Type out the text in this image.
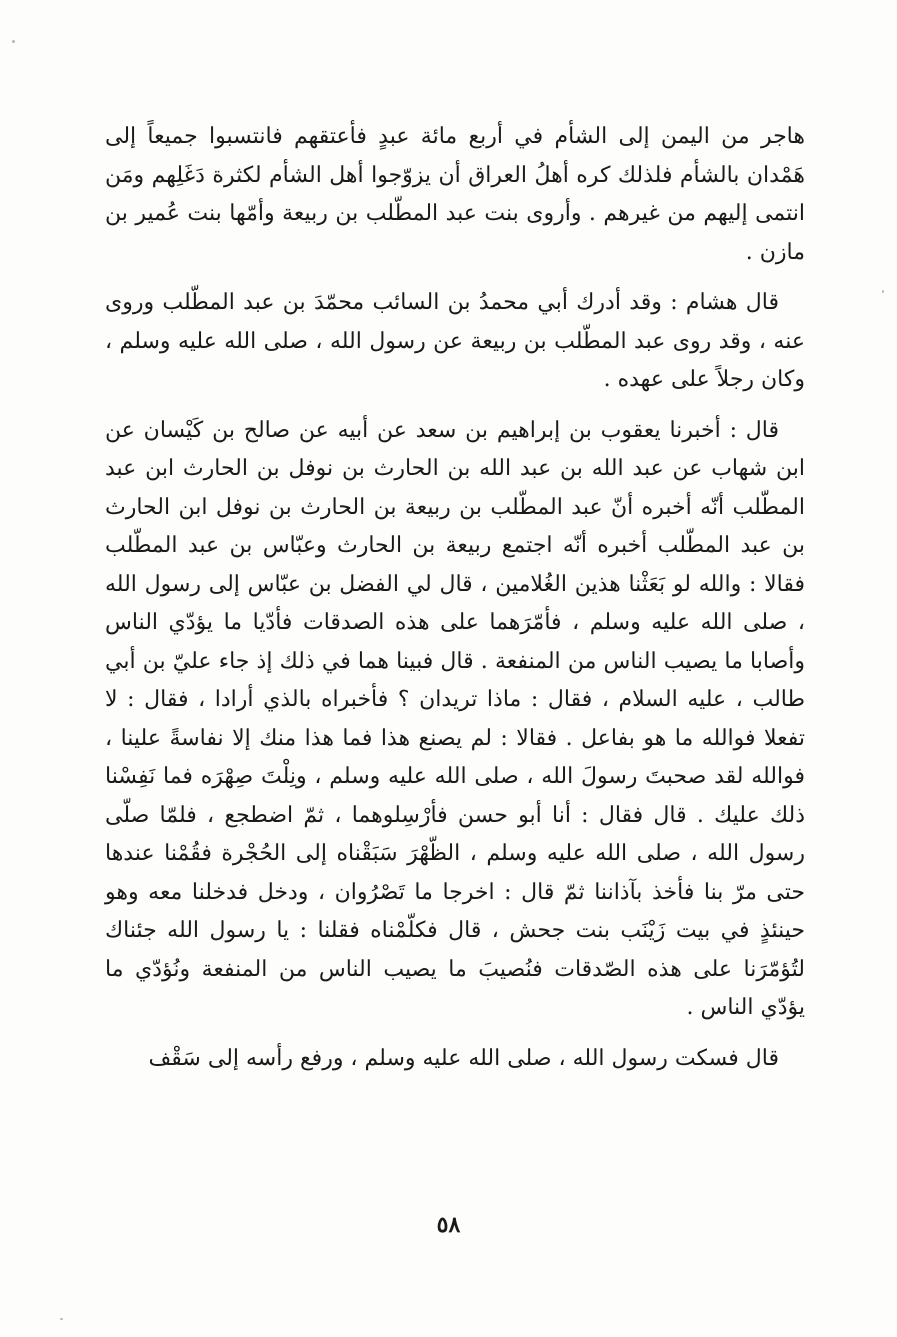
هاجر من اليمن إلى الشأم في أربع مائة عبدٍ فأعتقهم فانتسبوا جميعاً إلى هَمْدان بالشأم فلذلك كره أهلُ العراق أن يزوّجوا أهل الشأم لكثرة دَغَلِهم ومَن انتمى إليهم من غيرهم . وأروى بنت عبد المطّلب بن ربيعة وأمّها بنت عُمير بن مازن .

قال هشام : وقد أدرك أبي محمدُ بن السائب محمّدَ بن عبد المطّلب وروى عنه ، وقد روى عبد المطّلب بن ربيعة عن رسول الله ، صلى الله عليه وسلم ، وكان رجلاً على عهده .

قال : أخبرنا يعقوب بن إبراهيم بن سعد عن أبيه عن صالح بن كَيْسان عن ابن شهاب عن عبد الله بن عبد الله بن الحارث بن نوفل بن الحارث ابن عبد المطّلب أنّه أخبره أنّ عبد المطّلب بن ربيعة بن الحارث بن نوفل ابن الحارث بن عبد المطّلب أخبره أنّه اجتمع ربيعة بن الحارث وعبّاس بن عبد المطّلب فقالا : والله لو بَعَثْنا هذين الغُلامين ، قال لي الفضل بن عبّاس إلى رسول الله ، صلى الله عليه وسلم ، فأمّرَهما على هذه الصدقات فأدّيا ما يؤدّي الناس وأصابا ما يصيب الناس من المنفعة . قال فبينا هما في ذلك إذ جاء عليّ بن أبي طالب ، عليه السلام ، فقال : ماذا تريدان ؟ فأخبراه بالذي أرادا ، فقال : لا تفعلا فوالله ما هو بفاعل . فقالا : لم يصنع هذا فما هذا منك إلا نفاسةً علينا ، فوالله لقد صحبتَ رسولَ الله ، صلى الله عليه وسلم ، ونِلْتَ صِهْرَه فما نَفِسْنا ذلك عليك . قال فقال : أنا أبو حسن فأرْسِلوهما ، ثمّ اضطجع ، فلمّا صلّى رسول الله ، صلى الله عليه وسلم ، الظّهْرَ سَبَقْناه إلى الحُجْرة فقُمْنا عندها حتى مرّ بنا فأخذ بآذاننا ثمّ قال : اخرجا ما تَصْرُوان ، ودخل فدخلنا معه وهو حينئذٍ في بيت زَيْنَب بنت جحش ، قال فكلّمْناه فقلنا : يا رسول الله جئناك لتُؤمّرَنا على هذه الصّدقات فنُصيبَ ما يصيب الناس من المنفعة ونُؤدّي ما يؤدّي الناس .

قال فسكت رسول الله ، صلى الله عليه وسلم ، ورفع رأسه إلى سَقْف

٥٨
